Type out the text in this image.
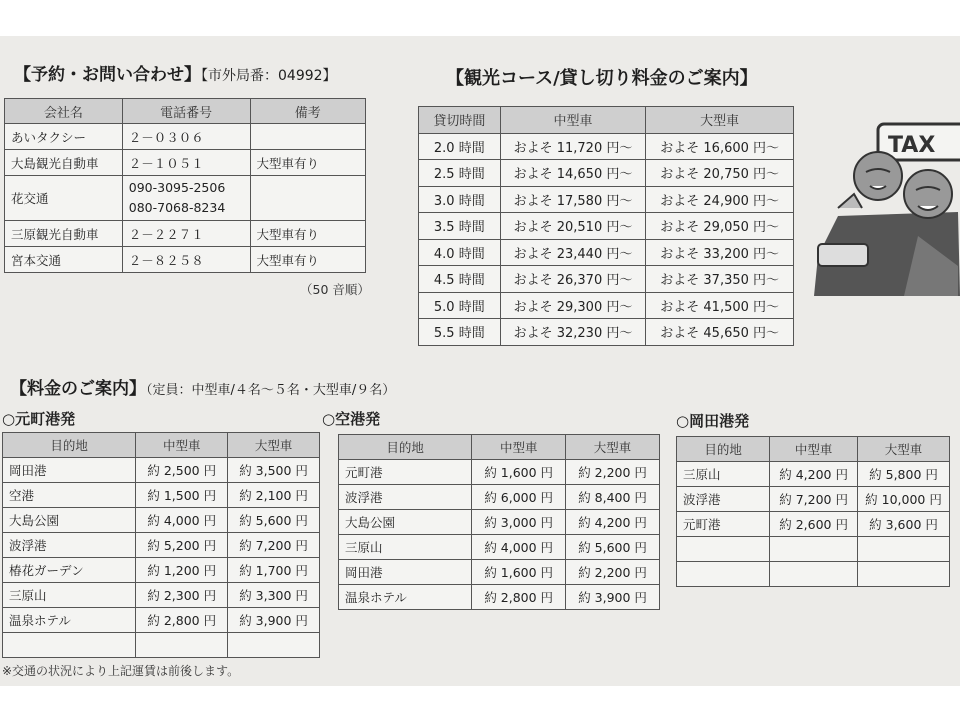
【予約・お問い合わせ】【市外局番：04992】
会社名	電話番号	備考
あいタクシー	２－０３０６	
大島観光自動車	２－１０５１	大型車有り
花交通	090-3095-2506
080-7068-8234	

三原観光自動車	２－２２７１	大型車有り
宮本交通	２－８２５８	大型車有り
（50 音順）
【観光コース/貸し切り料金のご案内】
貸切時間	中型車	大型車
2.0 時間	およそ 11,720 円～	およそ 16,600 円～
2.5 時間	およそ 14,650 円～	およそ 20,750 円～
3.0 時間	およそ 17,580 円～	およそ 24,900 円～
3.5 時間	およそ 20,510 円～	およそ 29,050 円～
4.0 時間	およそ 23,440 円～	およそ 33,200 円～
4.5 時間	およそ 26,370 円～	およそ 37,350 円～
5.0 時間	およそ 29,300 円～	およそ 41,500 円～
5.5 時間	およそ 32,230 円～	およそ 45,650 円～
TAX
【料金のご案内】（定員：中型車/４名～５名・大型車/９名）
○元町港発
目的地	中型車	大型車
岡田港	約 2,500 円	約 3,500 円
空港	約 1,500 円	約 2,100 円
大島公園	約 4,000 円	約 5,600 円
波浮港	約 5,200 円	約 7,200 円
椿花ガーデン	約 1,200 円	約 1,700 円
三原山	約 2,300 円	約 3,300 円
温泉ホテル	約 2,800 円	約 3,900 円

○空港発
目的地	中型車	大型車
元町港	約 1,600 円	約 2,200 円
波浮港	約 6,000 円	約 8,400 円
大島公園	約 3,000 円	約 4,200 円
三原山	約 4,000 円	約 5,600 円
岡田港	約 1,600 円	約 2,200 円
温泉ホテル	約 2,800 円	約 3,900 円
○岡田港発
目的地	中型車	大型車
三原山	約 4,200 円	約 5,800 円
波浮港	約 7,200 円	約 10,000 円
元町港	約 2,600 円	約 3,600 円

※交通の状況により上記運賃は前後します。
